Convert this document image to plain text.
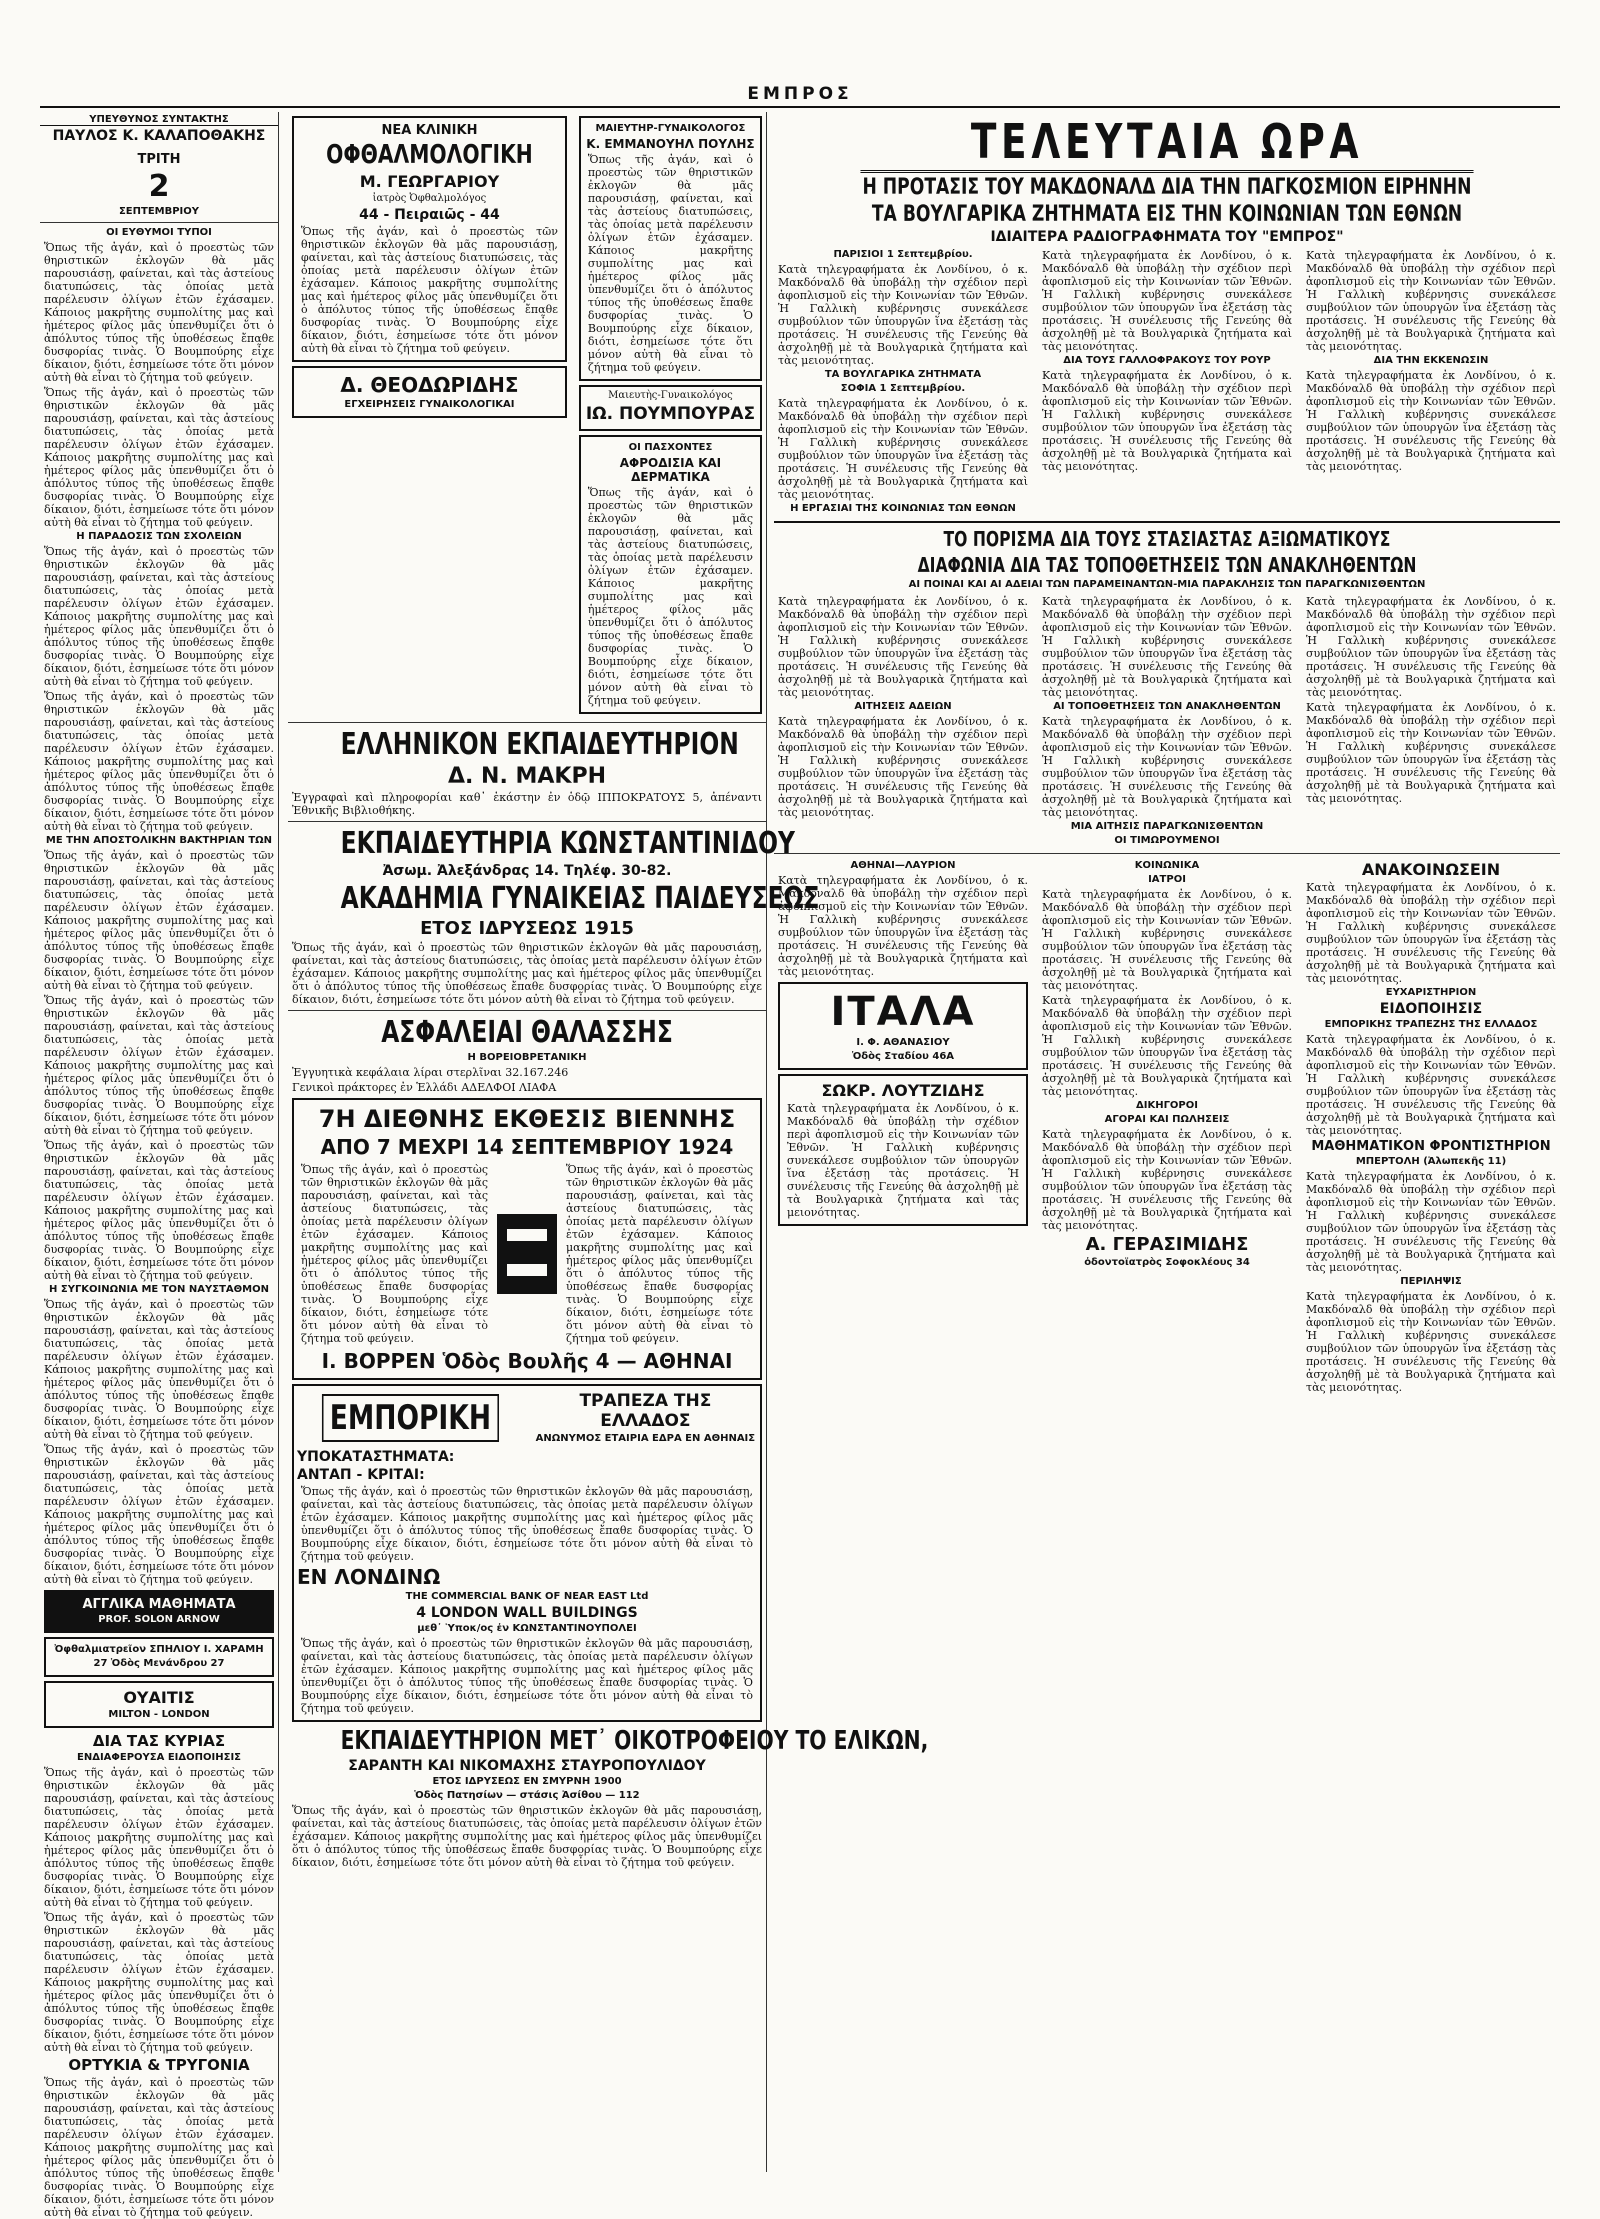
ΕΜΠΡΟΣ
ΥΠΕΥΘΥΝΟΣ ΣΥΝΤΑΚΤΗΣ
ΠΑΥΛΟΣ Κ. ΚΑΛΑΠΟΘΑΚΗΣ
ΤΡΙΤΗ
2
ΣΕΠΤΕΜΒΡΙΟΥ
ΟΙ ΕΥΘΥΜΟΙ ΤΥΠΟΙ
Ὅπως τῆς ἀγάν, καὶ ὁ προεστὼς τῶν θηριστικῶν ἐκλογῶν θὰ μᾶς παρουσιάσῃ, φαίνεται, καὶ τὰς ἀστείους διατυπώσεις, τὰς ὁποίας μετὰ παρέλευσιν ὀλίγων ἐτῶν ἐχάσαμεν. Κάποιος μακρῆτης συμπολίτης μας καὶ ἡμέτερος φίλος μᾶς ὑπενθυμίζει ὅτι ὁ ἀπόλυτος τύπος τῆς ὑποθέσεως ἔπαθε δυσφορίας τινὰς. Ὁ Βουμπούρης εἶχε δίκαιον, διότι, ἐσημείωσε τότε ὅτι μόνον αὐτὴ θὰ εἶναι τὸ ζήτημα τοῦ φεύγειν.
Ὅπως τῆς ἀγάν, καὶ ὁ προεστὼς τῶν θηριστικῶν ἐκλογῶν θὰ μᾶς παρουσιάσῃ, φαίνεται, καὶ τὰς ἀστείους διατυπώσεις, τὰς ὁποίας μετὰ παρέλευσιν ὀλίγων ἐτῶν ἐχάσαμεν. Κάποιος μακρῆτης συμπολίτης μας καὶ ἡμέτερος φίλος μᾶς ὑπενθυμίζει ὅτι ὁ ἀπόλυτος τύπος τῆς ὑποθέσεως ἔπαθε δυσφορίας τινὰς. Ὁ Βουμπούρης εἶχε δίκαιον, διότι, ἐσημείωσε τότε ὅτι μόνον αὐτὴ θὰ εἶναι τὸ ζήτημα τοῦ φεύγειν.
Η ΠΑΡΑΔΟΣΙΣ ΤΩΝ ΣΧΟΛΕΙΩΝ
Ὅπως τῆς ἀγάν, καὶ ὁ προεστὼς τῶν θηριστικῶν ἐκλογῶν θὰ μᾶς παρουσιάσῃ, φαίνεται, καὶ τὰς ἀστείους διατυπώσεις, τὰς ὁποίας μετὰ παρέλευσιν ὀλίγων ἐτῶν ἐχάσαμεν. Κάποιος μακρῆτης συμπολίτης μας καὶ ἡμέτερος φίλος μᾶς ὑπενθυμίζει ὅτι ὁ ἀπόλυτος τύπος τῆς ὑποθέσεως ἔπαθε δυσφορίας τινὰς. Ὁ Βουμπούρης εἶχε δίκαιον, διότι, ἐσημείωσε τότε ὅτι μόνον αὐτὴ θὰ εἶναι τὸ ζήτημα τοῦ φεύγειν.
Ὅπως τῆς ἀγάν, καὶ ὁ προεστὼς τῶν θηριστικῶν ἐκλογῶν θὰ μᾶς παρουσιάσῃ, φαίνεται, καὶ τὰς ἀστείους διατυπώσεις, τὰς ὁποίας μετὰ παρέλευσιν ὀλίγων ἐτῶν ἐχάσαμεν. Κάποιος μακρῆτης συμπολίτης μας καὶ ἡμέτερος φίλος μᾶς ὑπενθυμίζει ὅτι ὁ ἀπόλυτος τύπος τῆς ὑποθέσεως ἔπαθε δυσφορίας τινὰς. Ὁ Βουμπούρης εἶχε δίκαιον, διότι, ἐσημείωσε τότε ὅτι μόνον αὐτὴ θὰ εἶναι τὸ ζήτημα τοῦ φεύγειν.
ΜΕ ΤΗΝ ΑΠΟΣΤΟΛΙΚΗΝ ΒΑΚΤΗΡΙΑΝ ΤΩΝ
Ὅπως τῆς ἀγάν, καὶ ὁ προεστὼς τῶν θηριστικῶν ἐκλογῶν θὰ μᾶς παρουσιάσῃ, φαίνεται, καὶ τὰς ἀστείους διατυπώσεις, τὰς ὁποίας μετὰ παρέλευσιν ὀλίγων ἐτῶν ἐχάσαμεν. Κάποιος μακρῆτης συμπολίτης μας καὶ ἡμέτερος φίλος μᾶς ὑπενθυμίζει ὅτι ὁ ἀπόλυτος τύπος τῆς ὑποθέσεως ἔπαθε δυσφορίας τινὰς. Ὁ Βουμπούρης εἶχε δίκαιον, διότι, ἐσημείωσε τότε ὅτι μόνον αὐτὴ θὰ εἶναι τὸ ζήτημα τοῦ φεύγειν.
Ὅπως τῆς ἀγάν, καὶ ὁ προεστὼς τῶν θηριστικῶν ἐκλογῶν θὰ μᾶς παρουσιάσῃ, φαίνεται, καὶ τὰς ἀστείους διατυπώσεις, τὰς ὁποίας μετὰ παρέλευσιν ὀλίγων ἐτῶν ἐχάσαμεν. Κάποιος μακρῆτης συμπολίτης μας καὶ ἡμέτερος φίλος μᾶς ὑπενθυμίζει ὅτι ὁ ἀπόλυτος τύπος τῆς ὑποθέσεως ἔπαθε δυσφορίας τινὰς. Ὁ Βουμπούρης εἶχε δίκαιον, διότι, ἐσημείωσε τότε ὅτι μόνον αὐτὴ θὰ εἶναι τὸ ζήτημα τοῦ φεύγειν.
Ὅπως τῆς ἀγάν, καὶ ὁ προεστὼς τῶν θηριστικῶν ἐκλογῶν θὰ μᾶς παρουσιάσῃ, φαίνεται, καὶ τὰς ἀστείους διατυπώσεις, τὰς ὁποίας μετὰ παρέλευσιν ὀλίγων ἐτῶν ἐχάσαμεν. Κάποιος μακρῆτης συμπολίτης μας καὶ ἡμέτερος φίλος μᾶς ὑπενθυμίζει ὅτι ὁ ἀπόλυτος τύπος τῆς ὑποθέσεως ἔπαθε δυσφορίας τινὰς. Ὁ Βουμπούρης εἶχε δίκαιον, διότι, ἐσημείωσε τότε ὅτι μόνον αὐτὴ θὰ εἶναι τὸ ζήτημα τοῦ φεύγειν.
Η ΣΥΓΚΟΙΝΩΝΙΑ ΜΕ ΤΟΝ ΝΑΥΣΤΑΘΜΟΝ
Ὅπως τῆς ἀγάν, καὶ ὁ προεστὼς τῶν θηριστικῶν ἐκλογῶν θὰ μᾶς παρουσιάσῃ, φαίνεται, καὶ τὰς ἀστείους διατυπώσεις, τὰς ὁποίας μετὰ παρέλευσιν ὀλίγων ἐτῶν ἐχάσαμεν. Κάποιος μακρῆτης συμπολίτης μας καὶ ἡμέτερος φίλος μᾶς ὑπενθυμίζει ὅτι ὁ ἀπόλυτος τύπος τῆς ὑποθέσεως ἔπαθε δυσφορίας τινὰς. Ὁ Βουμπούρης εἶχε δίκαιον, διότι, ἐσημείωσε τότε ὅτι μόνον αὐτὴ θὰ εἶναι τὸ ζήτημα τοῦ φεύγειν.
Ὅπως τῆς ἀγάν, καὶ ὁ προεστὼς τῶν θηριστικῶν ἐκλογῶν θὰ μᾶς παρουσιάσῃ, φαίνεται, καὶ τὰς ἀστείους διατυπώσεις, τὰς ὁποίας μετὰ παρέλευσιν ὀλίγων ἐτῶν ἐχάσαμεν. Κάποιος μακρῆτης συμπολίτης μας καὶ ἡμέτερος φίλος μᾶς ὑπενθυμίζει ὅτι ὁ ἀπόλυτος τύπος τῆς ὑποθέσεως ἔπαθε δυσφορίας τινὰς. Ὁ Βουμπούρης εἶχε δίκαιον, διότι, ἐσημείωσε τότε ὅτι μόνον αὐτὴ θὰ εἶναι τὸ ζήτημα τοῦ φεύγειν.
ΑΓΓΛΙΚΑ ΜΑΘΗΜΑΤΑ
PROF. SOLON ARNOW
Ὀφθαλμιατρεῖον ΣΠΗΛΙΟΥ Ι. ΧΑΡΑΜΗ
27 Ὁδὸς Μενάνδρου 27
ΟΥΑΙΤΙΣ
MILTON - LONDON
ΔΙΑ ΤΑΣ ΚΥΡΙΑΣ
ΕΝΔΙΑΦΕΡΟΥΣΑ ΕΙΔΟΠΟΙΗΣΙΣ
Ὅπως τῆς ἀγάν, καὶ ὁ προεστὼς τῶν θηριστικῶν ἐκλογῶν θὰ μᾶς παρουσιάσῃ, φαίνεται, καὶ τὰς ἀστείους διατυπώσεις, τὰς ὁποίας μετὰ παρέλευσιν ὀλίγων ἐτῶν ἐχάσαμεν. Κάποιος μακρῆτης συμπολίτης μας καὶ ἡμέτερος φίλος μᾶς ὑπενθυμίζει ὅτι ὁ ἀπόλυτος τύπος τῆς ὑποθέσεως ἔπαθε δυσφορίας τινὰς. Ὁ Βουμπούρης εἶχε δίκαιον, διότι, ἐσημείωσε τότε ὅτι μόνον αὐτὴ θὰ εἶναι τὸ ζήτημα τοῦ φεύγειν.
Ὅπως τῆς ἀγάν, καὶ ὁ προεστὼς τῶν θηριστικῶν ἐκλογῶν θὰ μᾶς παρουσιάσῃ, φαίνεται, καὶ τὰς ἀστείους διατυπώσεις, τὰς ὁποίας μετὰ παρέλευσιν ὀλίγων ἐτῶν ἐχάσαμεν. Κάποιος μακρῆτης συμπολίτης μας καὶ ἡμέτερος φίλος μᾶς ὑπενθυμίζει ὅτι ὁ ἀπόλυτος τύπος τῆς ὑποθέσεως ἔπαθε δυσφορίας τινὰς. Ὁ Βουμπούρης εἶχε δίκαιον, διότι, ἐσημείωσε τότε ὅτι μόνον αὐτὴ θὰ εἶναι τὸ ζήτημα τοῦ φεύγειν.
ΟΡΤΥΚΙΑ & ΤΡΥΓΟΝΙΑ
Ὅπως τῆς ἀγάν, καὶ ὁ προεστὼς τῶν θηριστικῶν ἐκλογῶν θὰ μᾶς παρουσιάσῃ, φαίνεται, καὶ τὰς ἀστείους διατυπώσεις, τὰς ὁποίας μετὰ παρέλευσιν ὀλίγων ἐτῶν ἐχάσαμεν. Κάποιος μακρῆτης συμπολίτης μας καὶ ἡμέτερος φίλος μᾶς ὑπενθυμίζει ὅτι ὁ ἀπόλυτος τύπος τῆς ὑποθέσεως ἔπαθε δυσφορίας τινὰς. Ὁ Βουμπούρης εἶχε δίκαιον, διότι, ἐσημείωσε τότε ὅτι μόνον αὐτὴ θὰ εἶναι τὸ ζήτημα τοῦ φεύγειν.
ΝΕΑ ΚΛΙΝΙΚΗ
ΟΦΘΑΛΜΟΛΟΓΙΚΗ
Μ. ΓΕΩΡΓΑΡΙΟΥ
ἰατρὸς Ὀφθαλμολόγος
44 - Πειραιῶς - 44
Ὅπως τῆς ἀγάν, καὶ ὁ προεστὼς τῶν θηριστικῶν ἐκλογῶν θὰ μᾶς παρουσιάσῃ, φαίνεται, καὶ τὰς ἀστείους διατυπώσεις, τὰς ὁποίας μετὰ παρέλευσιν ὀλίγων ἐτῶν ἐχάσαμεν. Κάποιος μακρῆτης συμπολίτης μας καὶ ἡμέτερος φίλος μᾶς ὑπενθυμίζει ὅτι ὁ ἀπόλυτος τύπος τῆς ὑποθέσεως ἔπαθε δυσφορίας τινὰς. Ὁ Βουμπούρης εἶχε δίκαιον, διότι, ἐσημείωσε τότε ὅτι μόνον αὐτὴ θὰ εἶναι τὸ ζήτημα τοῦ φεύγειν.
Δ. ΘΕΟΔΩΡΙΔΗΣ
ΕΓΧΕΙΡΗΣΕΙΣ ΓΥΝΑΙΚΟΛΟΓΙΚΑΙ
ΜΑΙΕΥΤΗΡ-ΓΥΝΑΙΚΟΛΟΓΟΣ
Κ. ΕΜΜΑΝΟΥΗΛ ΠΟΥΛΗΣ
Ὅπως τῆς ἀγάν, καὶ ὁ προεστὼς τῶν θηριστικῶν ἐκλογῶν θὰ μᾶς παρουσιάσῃ, φαίνεται, καὶ τὰς ἀστείους διατυπώσεις, τὰς ὁποίας μετὰ παρέλευσιν ὀλίγων ἐτῶν ἐχάσαμεν. Κάποιος μακρῆτης συμπολίτης μας καὶ ἡμέτερος φίλος μᾶς ὑπενθυμίζει ὅτι ὁ ἀπόλυτος τύπος τῆς ὑποθέσεως ἔπαθε δυσφορίας τινὰς. Ὁ Βουμπούρης εἶχε δίκαιον, διότι, ἐσημείωσε τότε ὅτι μόνον αὐτὴ θὰ εἶναι τὸ ζήτημα τοῦ φεύγειν.
Μαιευτὴς-Γυναικολόγος
ΙΩ. ΠΟΥΜΠΟΥΡΑΣ
ΟΙ ΠΑΣΧΟΝΤΕΣ
ΑΦΡΟΔΙΣΙΑ ΚΑΙ ΔΕΡΜΑΤΙΚΑ
Ὅπως τῆς ἀγάν, καὶ ὁ προεστὼς τῶν θηριστικῶν ἐκλογῶν θὰ μᾶς παρουσιάσῃ, φαίνεται, καὶ τὰς ἀστείους διατυπώσεις, τὰς ὁποίας μετὰ παρέλευσιν ὀλίγων ἐτῶν ἐχάσαμεν. Κάποιος μακρῆτης συμπολίτης μας καὶ ἡμέτερος φίλος μᾶς ὑπενθυμίζει ὅτι ὁ ἀπόλυτος τύπος τῆς ὑποθέσεως ἔπαθε δυσφορίας τινὰς. Ὁ Βουμπούρης εἶχε δίκαιον, διότι, ἐσημείωσε τότε ὅτι μόνον αὐτὴ θὰ εἶναι τὸ ζήτημα τοῦ φεύγειν.
ΕΛΛΗΝΙΚΟΝ ΕΚΠΑΙΔΕΥΤΗΡΙΟΝ
Δ. Ν. ΜΑΚΡΗ
Ἐγγραφαὶ καὶ πληροφορίαι καθ᾽ ἑκάστην ἐν ὁδῷ ΙΠΠΟΚΡΑΤΟΥΣ 5, ἀπέναντι Ἐθνικῆς Βιβλιοθήκης.
ΕΚΠΑΙΔΕΥΤΗΡΙΑ ΚΩΝΣΤΑΝΤΙΝΙΔΟΥ
Ἀσωμ. Ἀλεξάνδρας 14. Τηλέφ. 30-82.
ΑΚΑΔΗΜΙΑ ΓΥΝΑΙΚΕΙΑΣ ΠΑΙΔΕΥΣΕΩΣ
ΕΤΟΣ ΙΔΡΥΣΕΩΣ 1915
Ὅπως τῆς ἀγάν, καὶ ὁ προεστὼς τῶν θηριστικῶν ἐκλογῶν θὰ μᾶς παρουσιάσῃ, φαίνεται, καὶ τὰς ἀστείους διατυπώσεις, τὰς ὁποίας μετὰ παρέλευσιν ὀλίγων ἐτῶν ἐχάσαμεν. Κάποιος μακρῆτης συμπολίτης μας καὶ ἡμέτερος φίλος μᾶς ὑπενθυμίζει ὅτι ὁ ἀπόλυτος τύπος τῆς ὑποθέσεως ἔπαθε δυσφορίας τινὰς. Ὁ Βουμπούρης εἶχε δίκαιον, διότι, ἐσημείωσε τότε ὅτι μόνον αὐτὴ θὰ εἶναι τὸ ζήτημα τοῦ φεύγειν.
ΑΣΦΑΛΕΙΑΙ ΘΑΛΑΣΣΗΣ
Η ΒΟΡΕΙΟΒΡΕΤΑΝΙΚΗ
Ἐγγυητικὰ κεφάλαια λίραι στερλῖναι 32.167.246
Γενικοὶ πράκτορες ἐν Ἑλλάδι ΑΔΕΛΦΟΙ ΛΙΑΦΑ
7Η ΔΙΕΘΝΗΣ ΕΚΘΕΣΙΣ ΒΙΕΝΝΗΣ
ΑΠΟ 7 ΜΕΧΡΙ 14 ΣΕΠΤΕΜΒΡΙΟΥ 1924
Ὅπως τῆς ἀγάν, καὶ ὁ προεστὼς τῶν θηριστικῶν ἐκλογῶν θὰ μᾶς παρουσιάσῃ, φαίνεται, καὶ τὰς ἀστείους διατυπώσεις, τὰς ὁποίας μετὰ παρέλευσιν ὀλίγων ἐτῶν ἐχάσαμεν. Κάποιος μακρῆτης συμπολίτης μας καὶ ἡμέτερος φίλος μᾶς ὑπενθυμίζει ὅτι ὁ ἀπόλυτος τύπος τῆς ὑποθέσεως ἔπαθε δυσφορίας τινὰς. Ὁ Βουμπούρης εἶχε δίκαιον, διότι, ἐσημείωσε τότε ὅτι μόνον αὐτὴ θὰ εἶναι τὸ ζήτημα τοῦ φεύγειν.
Ὅπως τῆς ἀγάν, καὶ ὁ προεστὼς τῶν θηριστικῶν ἐκλογῶν θὰ μᾶς παρουσιάσῃ, φαίνεται, καὶ τὰς ἀστείους διατυπώσεις, τὰς ὁποίας μετὰ παρέλευσιν ὀλίγων ἐτῶν ἐχάσαμεν. Κάποιος μακρῆτης συμπολίτης μας καὶ ἡμέτερος φίλος μᾶς ὑπενθυμίζει ὅτι ὁ ἀπόλυτος τύπος τῆς ὑποθέσεως ἔπαθε δυσφορίας τινὰς. Ὁ Βουμπούρης εἶχε δίκαιον, διότι, ἐσημείωσε τότε ὅτι μόνον αὐτὴ θὰ εἶναι τὸ ζήτημα τοῦ φεύγειν.
Ι. ΒΟΡΡΕΝ Ὁδὸς Βουλῆς 4 — ΑΘΗΝΑΙ
ΕΜΠΟΡΙΚΗ	ΤΡΑΠΕΖΑ ΤΗΣ ΕΛΛΑΔΟΣ
ΑΝΩΝΥΜΟΣ ΕΤΑΙΡΙΑ ΕΔΡΑ ΕΝ ΑΘΗΝΑΙΣ
ΥΠΟΚΑΤΑΣΤΗΜΑΤΑ:
ΑΝΤΑΠ - ΚΡΙΤΑΙ:
Ὅπως τῆς ἀγάν, καὶ ὁ προεστὼς τῶν θηριστικῶν ἐκλογῶν θὰ μᾶς παρουσιάσῃ, φαίνεται, καὶ τὰς ἀστείους διατυπώσεις, τὰς ὁποίας μετὰ παρέλευσιν ὀλίγων ἐτῶν ἐχάσαμεν. Κάποιος μακρῆτης συμπολίτης μας καὶ ἡμέτερος φίλος μᾶς ὑπενθυμίζει ὅτι ὁ ἀπόλυτος τύπος τῆς ὑποθέσεως ἔπαθε δυσφορίας τινὰς. Ὁ Βουμπούρης εἶχε δίκαιον, διότι, ἐσημείωσε τότε ὅτι μόνον αὐτὴ θὰ εἶναι τὸ ζήτημα τοῦ φεύγειν.
ΕΝ ΛΟΝΔΙΝΩ
THE COMMERCIAL BANK OF NEAR EAST Ltd
4 LONDON WALL BUILDINGS
μεθ᾽ Ὑποκ/ος ἐν ΚΩΝΣΤΑΝΤΙΝΟΥΠΟΛΕΙ
Ὅπως τῆς ἀγάν, καὶ ὁ προεστὼς τῶν θηριστικῶν ἐκλογῶν θὰ μᾶς παρουσιάσῃ, φαίνεται, καὶ τὰς ἀστείους διατυπώσεις, τὰς ὁποίας μετὰ παρέλευσιν ὀλίγων ἐτῶν ἐχάσαμεν. Κάποιος μακρῆτης συμπολίτης μας καὶ ἡμέτερος φίλος μᾶς ὑπενθυμίζει ὅτι ὁ ἀπόλυτος τύπος τῆς ὑποθέσεως ἔπαθε δυσφορίας τινὰς. Ὁ Βουμπούρης εἶχε δίκαιον, διότι, ἐσημείωσε τότε ὅτι μόνον αὐτὴ θὰ εἶναι τὸ ζήτημα τοῦ φεύγειν.
ΕΚΠΑΙΔΕΥΤΗΡΙΟΝ ΜΕΤ᾽ ΟΙΚΟΤΡΟΦΕΙΟΥ ΤΟ ΕΛΙΚΩΝ,
ΣΑΡΑΝΤΗ ΚΑΙ ΝΙΚΟΜΑΧΗΣ ΣΤΑΥΡΟΠΟΥΛΙΔΟΥ
ΕΤΟΣ ΙΔΡΥΣΕΩΣ ΕΝ ΣΜΥΡΝΗ 1900
Ὁδὸς Πατησίων — στάσις Ἀσίθου — 112
Ὅπως τῆς ἀγάν, καὶ ὁ προεστὼς τῶν θηριστικῶν ἐκλογῶν θὰ μᾶς παρουσιάσῃ, φαίνεται, καὶ τὰς ἀστείους διατυπώσεις, τὰς ὁποίας μετὰ παρέλευσιν ὀλίγων ἐτῶν ἐχάσαμεν. Κάποιος μακρῆτης συμπολίτης μας καὶ ἡμέτερος φίλος μᾶς ὑπενθυμίζει ὅτι ὁ ἀπόλυτος τύπος τῆς ὑποθέσεως ἔπαθε δυσφορίας τινὰς. Ὁ Βουμπούρης εἶχε δίκαιον, διότι, ἐσημείωσε τότε ὅτι μόνον αὐτὴ θὰ εἶναι τὸ ζήτημα τοῦ φεύγειν.
ΤΕΛΕΥΤΑΙΑ ΩΡΑ
Η ΠΡΟΤΑΣΙΣ ΤΟΥ ΜΑΚΔΟΝΑΛΔ ΔΙΑ ΤΗΝ ΠΑΓΚΟΣΜΙΟΝ ΕΙΡΗΝΗΝ
ΤΑ ΒΟΥΛΓΑΡΙΚΑ ΖΗΤΗΜΑΤΑ ΕΙΣ ΤΗΝ ΚΟΙΝΩΝΙΑΝ ΤΩΝ ΕΘΝΩΝ
ΙΔΙΑΙΤΕΡΑ ΡΑΔΙΟΓΡΑΦΗΜΑΤΑ ΤΟΥ "ΕΜΠΡΟΣ"
ΠΑΡΙΣΙΟΙ 1 Σεπτεμβρίου.
Κατὰ τηλεγραφήματα ἐκ Λονδίνου, ὁ κ. Μακδόναλδ θὰ ὑποβάλῃ τὴν σχέδιον περὶ ἀφοπλισμοῦ εἰς τὴν Κοινωνίαν τῶν Ἐθνῶν. Ἡ Γαλλικὴ κυβέρνησις συνεκάλεσε συμβούλιον τῶν ὑπουργῶν ἵνα ἐξετάσῃ τὰς προτάσεις. Ἡ συνέλευσις τῆς Γενεύης θὰ ἀσχοληθῇ μὲ τὰ Βουλγαρικὰ ζητήματα καὶ τὰς μειονότητας.
ΤΑ ΒΟΥΛΓΑΡΙΚΑ ΖΗΤΗΜΑΤΑ
ΣΟΦΙΑ 1 Σεπτεμβρίου.
Κατὰ τηλεγραφήματα ἐκ Λονδίνου, ὁ κ. Μακδόναλδ θὰ ὑποβάλῃ τὴν σχέδιον περὶ ἀφοπλισμοῦ εἰς τὴν Κοινωνίαν τῶν Ἐθνῶν. Ἡ Γαλλικὴ κυβέρνησις συνεκάλεσε συμβούλιον τῶν ὑπουργῶν ἵνα ἐξετάσῃ τὰς προτάσεις. Ἡ συνέλευσις τῆς Γενεύης θὰ ἀσχοληθῇ μὲ τὰ Βουλγαρικὰ ζητήματα καὶ τὰς μειονότητας.
Η ΕΡΓΑΣΙΑΙ ΤΗΣ ΚΟΙΝΩΝΙΑΣ ΤΩΝ ΕΘΝΩΝ
Κατὰ τηλεγραφήματα ἐκ Λονδίνου, ὁ κ. Μακδόναλδ θὰ ὑποβάλῃ τὴν σχέδιον περὶ ἀφοπλισμοῦ εἰς τὴν Κοινωνίαν τῶν Ἐθνῶν. Ἡ Γαλλικὴ κυβέρνησις συνεκάλεσε συμβούλιον τῶν ὑπουργῶν ἵνα ἐξετάσῃ τὰς προτάσεις. Ἡ συνέλευσις τῆς Γενεύης θὰ ἀσχοληθῇ μὲ τὰ Βουλγαρικὰ ζητήματα καὶ τὰς μειονότητας.
ΔΙΑ ΤΟΥΣ ΓΑΛΛΟΦΡΑΚΟΥΣ ΤΟΥ ΡΟΥΡ
Κατὰ τηλεγραφήματα ἐκ Λονδίνου, ὁ κ. Μακδόναλδ θὰ ὑποβάλῃ τὴν σχέδιον περὶ ἀφοπλισμοῦ εἰς τὴν Κοινωνίαν τῶν Ἐθνῶν. Ἡ Γαλλικὴ κυβέρνησις συνεκάλεσε συμβούλιον τῶν ὑπουργῶν ἵνα ἐξετάσῃ τὰς προτάσεις. Ἡ συνέλευσις τῆς Γενεύης θὰ ἀσχοληθῇ μὲ τὰ Βουλγαρικὰ ζητήματα καὶ τὰς μειονότητας.
Κατὰ τηλεγραφήματα ἐκ Λονδίνου, ὁ κ. Μακδόναλδ θὰ ὑποβάλῃ τὴν σχέδιον περὶ ἀφοπλισμοῦ εἰς τὴν Κοινωνίαν τῶν Ἐθνῶν. Ἡ Γαλλικὴ κυβέρνησις συνεκάλεσε συμβούλιον τῶν ὑπουργῶν ἵνα ἐξετάσῃ τὰς προτάσεις. Ἡ συνέλευσις τῆς Γενεύης θὰ ἀσχοληθῇ μὲ τὰ Βουλγαρικὰ ζητήματα καὶ τὰς μειονότητας.
ΔΙΑ ΤΗΝ ΕΚΚΕΝΩΣΙΝ
Κατὰ τηλεγραφήματα ἐκ Λονδίνου, ὁ κ. Μακδόναλδ θὰ ὑποβάλῃ τὴν σχέδιον περὶ ἀφοπλισμοῦ εἰς τὴν Κοινωνίαν τῶν Ἐθνῶν. Ἡ Γαλλικὴ κυβέρνησις συνεκάλεσε συμβούλιον τῶν ὑπουργῶν ἵνα ἐξετάσῃ τὰς προτάσεις. Ἡ συνέλευσις τῆς Γενεύης θὰ ἀσχοληθῇ μὲ τὰ Βουλγαρικὰ ζητήματα καὶ τὰς μειονότητας.
ΤΟ ΠΟΡΙΣΜΑ ΔΙΑ ΤΟΥΣ ΣΤΑΣΙΑΣΤΑΣ ΑΞΙΩΜΑΤΙΚΟΥΣ
ΔΙΑΦΩΝΙΑ ΔΙΑ ΤΑΣ ΤΟΠΟΘΕΤΗΣΕΙΣ ΤΩΝ ΑΝΑΚΛΗΘΕΝΤΩΝ
ΑΙ ΠΟΙΝΑΙ ΚΑΙ ΑΙ ΑΔΕΙΑΙ ΤΩΝ ΠΑΡΑΜΕΙΝΑΝΤΩΝ-ΜΙΑ ΠΑΡΑΚΛΗΣΙΣ ΤΩΝ ΠΑΡΑΓΚΩΝΙΣΘΕΝΤΩΝ
Κατὰ τηλεγραφήματα ἐκ Λονδίνου, ὁ κ. Μακδόναλδ θὰ ὑποβάλῃ τὴν σχέδιον περὶ ἀφοπλισμοῦ εἰς τὴν Κοινωνίαν τῶν Ἐθνῶν. Ἡ Γαλλικὴ κυβέρνησις συνεκάλεσε συμβούλιον τῶν ὑπουργῶν ἵνα ἐξετάσῃ τὰς προτάσεις. Ἡ συνέλευσις τῆς Γενεύης θὰ ἀσχοληθῇ μὲ τὰ Βουλγαρικὰ ζητήματα καὶ τὰς μειονότητας.
ΑΙΤΗΣΕΙΣ ΑΔΕΙΩΝ
Κατὰ τηλεγραφήματα ἐκ Λονδίνου, ὁ κ. Μακδόναλδ θὰ ὑποβάλῃ τὴν σχέδιον περὶ ἀφοπλισμοῦ εἰς τὴν Κοινωνίαν τῶν Ἐθνῶν. Ἡ Γαλλικὴ κυβέρνησις συνεκάλεσε συμβούλιον τῶν ὑπουργῶν ἵνα ἐξετάσῃ τὰς προτάσεις. Ἡ συνέλευσις τῆς Γενεύης θὰ ἀσχοληθῇ μὲ τὰ Βουλγαρικὰ ζητήματα καὶ τὰς μειονότητας.
Κατὰ τηλεγραφήματα ἐκ Λονδίνου, ὁ κ. Μακδόναλδ θὰ ὑποβάλῃ τὴν σχέδιον περὶ ἀφοπλισμοῦ εἰς τὴν Κοινωνίαν τῶν Ἐθνῶν. Ἡ Γαλλικὴ κυβέρνησις συνεκάλεσε συμβούλιον τῶν ὑπουργῶν ἵνα ἐξετάσῃ τὰς προτάσεις. Ἡ συνέλευσις τῆς Γενεύης θὰ ἀσχοληθῇ μὲ τὰ Βουλγαρικὰ ζητήματα καὶ τὰς μειονότητας.
ΑΙ ΤΟΠΟΘΕΤΗΣΕΙΣ ΤΩΝ ΑΝΑΚΛΗΘΕΝΤΩΝ
Κατὰ τηλεγραφήματα ἐκ Λονδίνου, ὁ κ. Μακδόναλδ θὰ ὑποβάλῃ τὴν σχέδιον περὶ ἀφοπλισμοῦ εἰς τὴν Κοινωνίαν τῶν Ἐθνῶν. Ἡ Γαλλικὴ κυβέρνησις συνεκάλεσε συμβούλιον τῶν ὑπουργῶν ἵνα ἐξετάσῃ τὰς προτάσεις. Ἡ συνέλευσις τῆς Γενεύης θὰ ἀσχοληθῇ μὲ τὰ Βουλγαρικὰ ζητήματα καὶ τὰς μειονότητας.
ΜΙΑ ΑΙΤΗΣΙΣ ΠΑΡΑΓΚΩΝΙΣΘΕΝΤΩΝ
ΟΙ ΤΙΜΩΡΟΥΜΕΝΟΙ
Κατὰ τηλεγραφήματα ἐκ Λονδίνου, ὁ κ. Μακδόναλδ θὰ ὑποβάλῃ τὴν σχέδιον περὶ ἀφοπλισμοῦ εἰς τὴν Κοινωνίαν τῶν Ἐθνῶν. Ἡ Γαλλικὴ κυβέρνησις συνεκάλεσε συμβούλιον τῶν ὑπουργῶν ἵνα ἐξετάσῃ τὰς προτάσεις. Ἡ συνέλευσις τῆς Γενεύης θὰ ἀσχοληθῇ μὲ τὰ Βουλγαρικὰ ζητήματα καὶ τὰς μειονότητας.
Κατὰ τηλεγραφήματα ἐκ Λονδίνου, ὁ κ. Μακδόναλδ θὰ ὑποβάλῃ τὴν σχέδιον περὶ ἀφοπλισμοῦ εἰς τὴν Κοινωνίαν τῶν Ἐθνῶν. Ἡ Γαλλικὴ κυβέρνησις συνεκάλεσε συμβούλιον τῶν ὑπουργῶν ἵνα ἐξετάσῃ τὰς προτάσεις. Ἡ συνέλευσις τῆς Γενεύης θὰ ἀσχοληθῇ μὲ τὰ Βουλγαρικὰ ζητήματα καὶ τὰς μειονότητας.
ΑΘΗΝΑΙ—ΛΑΥΡΙΟΝ
Κατὰ τηλεγραφήματα ἐκ Λονδίνου, ὁ κ. Μακδόναλδ θὰ ὑποβάλῃ τὴν σχέδιον περὶ ἀφοπλισμοῦ εἰς τὴν Κοινωνίαν τῶν Ἐθνῶν. Ἡ Γαλλικὴ κυβέρνησις συνεκάλεσε συμβούλιον τῶν ὑπουργῶν ἵνα ἐξετάσῃ τὰς προτάσεις. Ἡ συνέλευσις τῆς Γενεύης θὰ ἀσχοληθῇ μὲ τὰ Βουλγαρικὰ ζητήματα καὶ τὰς μειονότητας.
ΙΤΑΛΑ
Ι. Φ. ΑΘΑΝΑΣΙΟΥ
Ὁδὸς Σταδίου 46Α
ΣΩΚΡ. ΛΟΥΤΖΙΔΗΣ
Κατὰ τηλεγραφήματα ἐκ Λονδίνου, ὁ κ. Μακδόναλδ θὰ ὑποβάλῃ τὴν σχέδιον περὶ ἀφοπλισμοῦ εἰς τὴν Κοινωνίαν τῶν Ἐθνῶν. Ἡ Γαλλικὴ κυβέρνησις συνεκάλεσε συμβούλιον τῶν ὑπουργῶν ἵνα ἐξετάσῃ τὰς προτάσεις. Ἡ συνέλευσις τῆς Γενεύης θὰ ἀσχοληθῇ μὲ τὰ Βουλγαρικὰ ζητήματα καὶ τὰς μειονότητας.
ΚΟΙΝΩΝΙΚΑ
ΙΑΤΡΟΙ
Κατὰ τηλεγραφήματα ἐκ Λονδίνου, ὁ κ. Μακδόναλδ θὰ ὑποβάλῃ τὴν σχέδιον περὶ ἀφοπλισμοῦ εἰς τὴν Κοινωνίαν τῶν Ἐθνῶν. Ἡ Γαλλικὴ κυβέρνησις συνεκάλεσε συμβούλιον τῶν ὑπουργῶν ἵνα ἐξετάσῃ τὰς προτάσεις. Ἡ συνέλευσις τῆς Γενεύης θὰ ἀσχοληθῇ μὲ τὰ Βουλγαρικὰ ζητήματα καὶ τὰς μειονότητας.
Κατὰ τηλεγραφήματα ἐκ Λονδίνου, ὁ κ. Μακδόναλδ θὰ ὑποβάλῃ τὴν σχέδιον περὶ ἀφοπλισμοῦ εἰς τὴν Κοινωνίαν τῶν Ἐθνῶν. Ἡ Γαλλικὴ κυβέρνησις συνεκάλεσε συμβούλιον τῶν ὑπουργῶν ἵνα ἐξετάσῃ τὰς προτάσεις. Ἡ συνέλευσις τῆς Γενεύης θὰ ἀσχοληθῇ μὲ τὰ Βουλγαρικὰ ζητήματα καὶ τὰς μειονότητας.
ΔΙΚΗΓΟΡΟΙ
ΑΓΟΡΑΙ ΚΑΙ ΠΩΛΗΣΕΙΣ
Κατὰ τηλεγραφήματα ἐκ Λονδίνου, ὁ κ. Μακδόναλδ θὰ ὑποβάλῃ τὴν σχέδιον περὶ ἀφοπλισμοῦ εἰς τὴν Κοινωνίαν τῶν Ἐθνῶν. Ἡ Γαλλικὴ κυβέρνησις συνεκάλεσε συμβούλιον τῶν ὑπουργῶν ἵνα ἐξετάσῃ τὰς προτάσεις. Ἡ συνέλευσις τῆς Γενεύης θὰ ἀσχοληθῇ μὲ τὰ Βουλγαρικὰ ζητήματα καὶ τὰς μειονότητας.
Α. ΓΕΡΑΣΙΜΙΔΗΣ
ὀδοντοϊατρὸς Σοφοκλέους 34
ΑΝΑΚΟΙΝΩΣΕΙΝ
Κατὰ τηλεγραφήματα ἐκ Λονδίνου, ὁ κ. Μακδόναλδ θὰ ὑποβάλῃ τὴν σχέδιον περὶ ἀφοπλισμοῦ εἰς τὴν Κοινωνίαν τῶν Ἐθνῶν. Ἡ Γαλλικὴ κυβέρνησις συνεκάλεσε συμβούλιον τῶν ὑπουργῶν ἵνα ἐξετάσῃ τὰς προτάσεις. Ἡ συνέλευσις τῆς Γενεύης θὰ ἀσχοληθῇ μὲ τὰ Βουλγαρικὰ ζητήματα καὶ τὰς μειονότητας.
ΕΥΧΑΡΙΣΤΗΡΙΟΝ
ΕΙΔΟΠΟΙΗΣΙΣ
ΕΜΠΟΡΙΚΗΣ ΤΡΑΠΕΖΗΣ ΤΗΣ ΕΛΛΑΔΟΣ
Κατὰ τηλεγραφήματα ἐκ Λονδίνου, ὁ κ. Μακδόναλδ θὰ ὑποβάλῃ τὴν σχέδιον περὶ ἀφοπλισμοῦ εἰς τὴν Κοινωνίαν τῶν Ἐθνῶν. Ἡ Γαλλικὴ κυβέρνησις συνεκάλεσε συμβούλιον τῶν ὑπουργῶν ἵνα ἐξετάσῃ τὰς προτάσεις. Ἡ συνέλευσις τῆς Γενεύης θὰ ἀσχοληθῇ μὲ τὰ Βουλγαρικὰ ζητήματα καὶ τὰς μειονότητας.
ΜΑΘΗΜΑΤΙΚΟΝ ΦΡΟΝΤΙΣΤΗΡΙΟΝ
ΜΠΕΡΤΟΛΗ (Ἀλωπεκῆς 11)
Κατὰ τηλεγραφήματα ἐκ Λονδίνου, ὁ κ. Μακδόναλδ θὰ ὑποβάλῃ τὴν σχέδιον περὶ ἀφοπλισμοῦ εἰς τὴν Κοινωνίαν τῶν Ἐθνῶν. Ἡ Γαλλικὴ κυβέρνησις συνεκάλεσε συμβούλιον τῶν ὑπουργῶν ἵνα ἐξετάσῃ τὰς προτάσεις. Ἡ συνέλευσις τῆς Γενεύης θὰ ἀσχοληθῇ μὲ τὰ Βουλγαρικὰ ζητήματα καὶ τὰς μειονότητας.
ΠΕΡΙΛΗΨΙΣ
Κατὰ τηλεγραφήματα ἐκ Λονδίνου, ὁ κ. Μακδόναλδ θὰ ὑποβάλῃ τὴν σχέδιον περὶ ἀφοπλισμοῦ εἰς τὴν Κοινωνίαν τῶν Ἐθνῶν. Ἡ Γαλλικὴ κυβέρνησις συνεκάλεσε συμβούλιον τῶν ὑπουργῶν ἵνα ἐξετάσῃ τὰς προτάσεις. Ἡ συνέλευσις τῆς Γενεύης θὰ ἀσχοληθῇ μὲ τὰ Βουλγαρικὰ ζητήματα καὶ τὰς μειονότητας.
